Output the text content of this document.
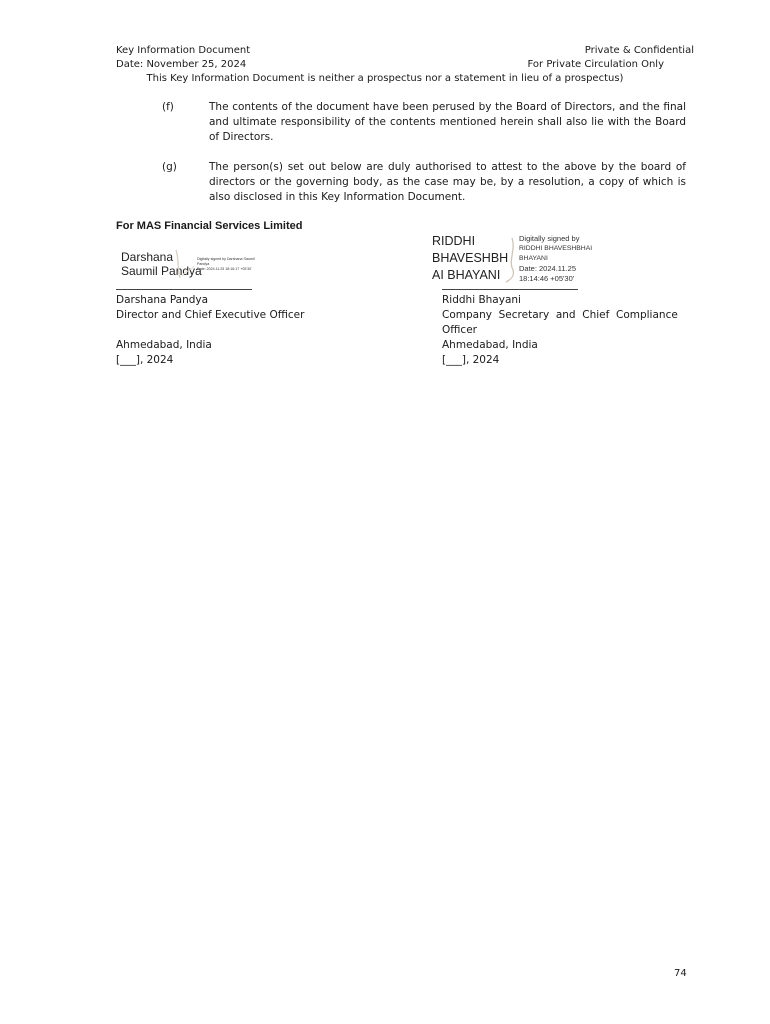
Key Information Document
Date: November 25, 2024
Private & Confidential
For Private Circulation Only
This Key Information Document is neither a prospectus nor a statement in lieu of a prospectus)
(f)	The contents of the document have been perused by the Board of Directors, and the final and ultimate responsibility of the contents mentioned herein shall also lie with the Board of Directors.
(g)	The person(s) set out below are duly authorised to attest to the above by the board of directors or the governing body, as the case may be, by a resolution, a copy of which is also disclosed in this Key Information Document.
For MAS Financial Services Limited
Darshana
Saumil Pandya
Digitally signed by Darshana Saumil
Pandya
Date: 2024.11.25 18:16:17 +05'30'
Darshana Pandya
Director and Chief Executive Officer
Ahmedabad, India
[___], 2024
RIDDHI
BHAVESHBH
AI BHAYANI
Digitally signed by
RIDDHI BHAVESHBHAI
BHAYANI
Date: 2024.11.25
18:14:46 +05'30'
Riddhi Bhayani
Company  Secretary  and  Chief  Compliance
Officer
Ahmedabad, India
[___], 2024
74
